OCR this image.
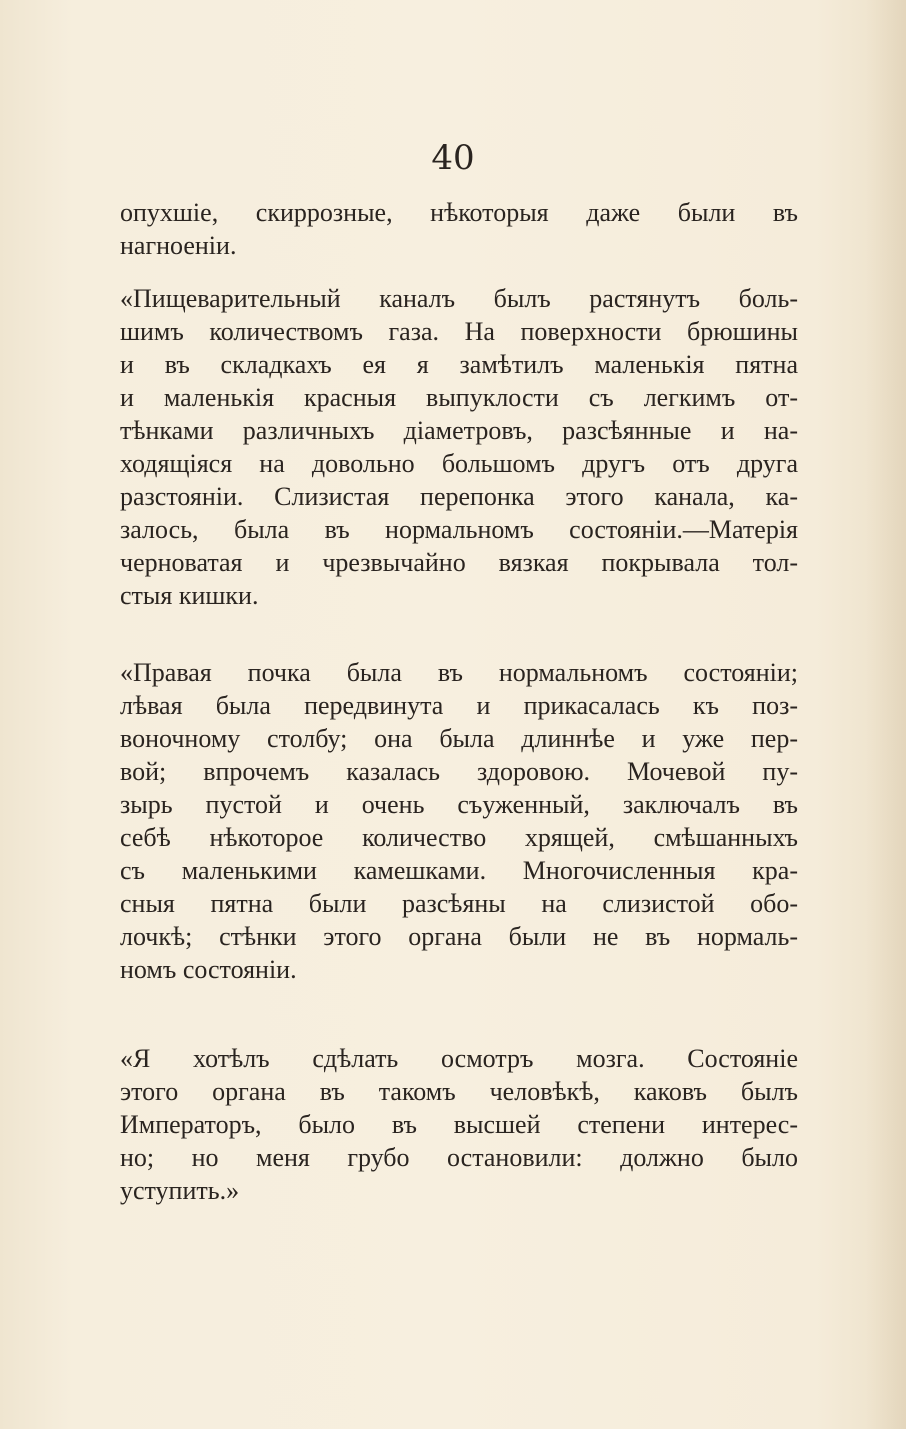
40
опухшіе, скиррозные, нѣкоторыя даже были въ
нагноеніи.
«Пищеварительный каналъ былъ растянутъ боль-
шимъ количествомъ газа. На поверхности брюшины
и въ складкахъ ея я замѣтилъ маленькія пятна
и маленькія красныя выпуклости съ легкимъ от-
тѣнками различныхъ діаметровъ, разсѣянные и на-
ходящіяся на довольно большомъ другъ отъ друга
разстояніи. Слизистая перепонка этого канала, ка-
залось, была въ нормальномъ состояніи.—Матерія
черноватая и чрезвычайно вязкая покрывала тол-
стыя кишки.
«Правая почка была въ нормальномъ состояніи;
лѣвая была передвинута и прикасалась къ поз-
воночному столбу; она была длиннѣе и уже пер-
вой; впрочемъ казалась здоровою. Мочевой пу-
зырь пустой и очень съуженный, заключалъ въ
себѣ нѣкоторое количество хрящей, смѣшанныхъ
съ маленькими камешками. Многочисленныя кра-
сныя пятна были разсѣяны на слизистой обо-
лочкѣ; стѣнки этого органа были не въ нормаль-
номъ состояніи.
«Я хотѣлъ сдѣлать осмотръ мозга. Состояніе
этого органа въ такомъ человѣкѣ, каковъ былъ
Императоръ, было въ высшей степени интерес-
но; но меня грубо остановили: должно было
уступить.»
